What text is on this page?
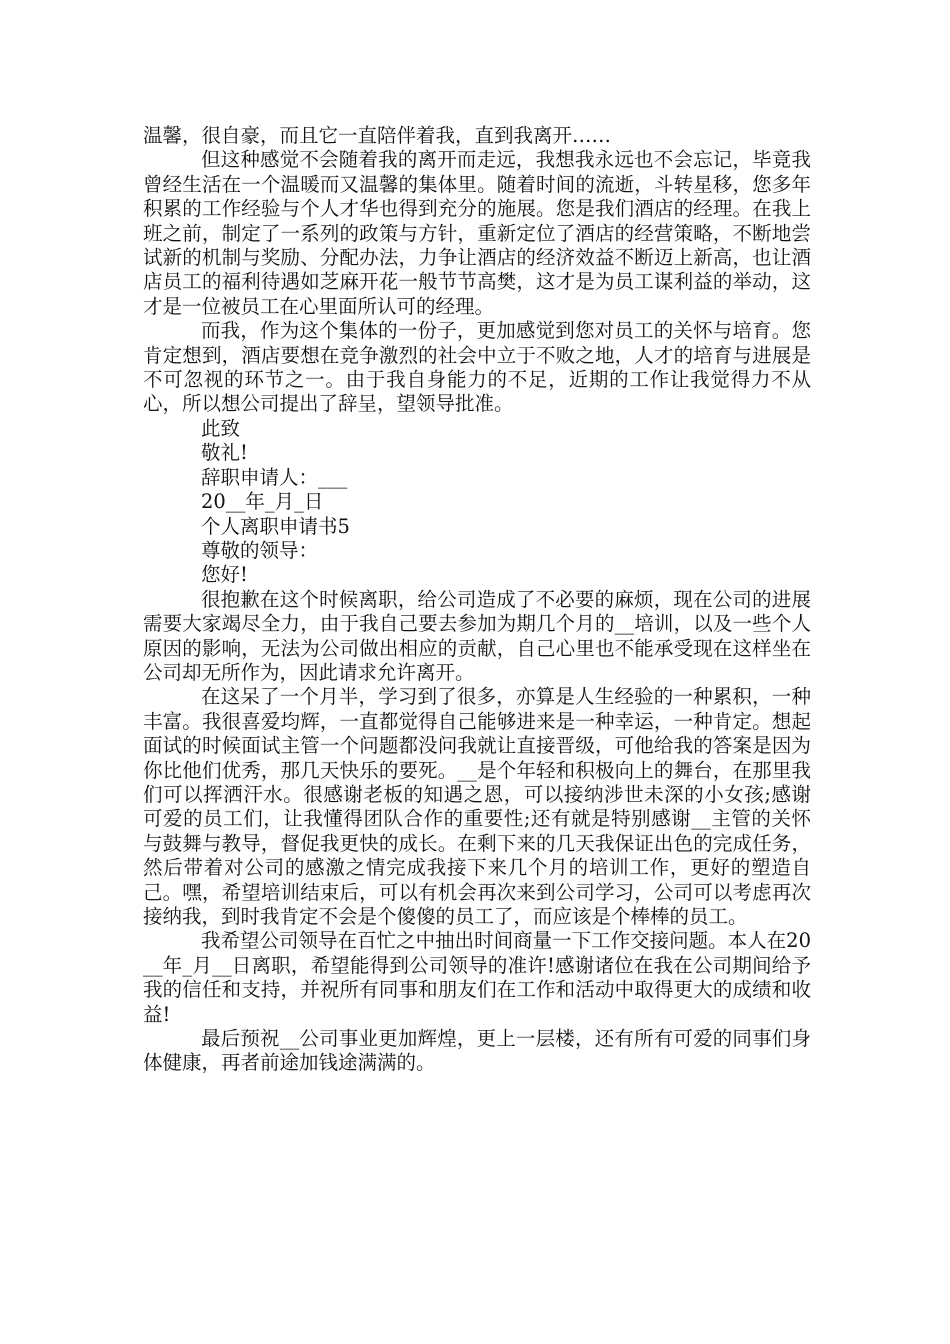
温馨，很自豪，而且它一直陪伴着我，直到我离开……

但这种感觉不会随着我的离开而走远，我想我永远也不会忘记，毕竟我曾经生活在一个温暖而又温馨的集体里。随着时间的流逝，斗转星移，您多年积累的工作经验与个人才华也得到充分的施展。您是我们酒店的经理。在我上班之前，制定了一系列的政策与方针，重新定位了酒店的经营策略，不断地尝试新的机制与奖励、分配办法，力争让酒店的经济效益不断迈上新高，也让酒店员工的福利待遇如芝麻开花一般节节高樊，这才是为员工谋利益的举动，这才是一位被员工在心里面所认可的经理。

而我，作为这个集体的一份子，更加感觉到您对员工的关怀与培育。您肯定想到，酒店要想在竞争激烈的社会中立于不败之地，人才的培育与进展是不可忽视的环节之一。由于我自身能力的不足，近期的工作让我觉得力不从心，所以想公司提出了辞呈，望领导批准。

此致

敬礼!

辞职申请人：___

20__年_月_日

个人离职申请书5

尊敬的领导：

您好!

很抱歉在这个时候离职，给公司造成了不必要的麻烦，现在公司的进展需要大家竭尽全力，由于我自己要去参加为期几个月的__培训，以及一些个人原因的影响，无法为公司做出相应的贡献，自己心里也不能承受现在这样坐在公司却无所作为，因此请求允许离开。

在这呆了一个月半，学习到了很多，亦算是人生经验的一种累积，一种丰富。我很喜爱均辉，一直都觉得自己能够进来是一种幸运，一种肯定。想起面试的时候面试主管一个问题都没问我就让直接晋级，可他给我的答案是因为你比他们优秀，那几天快乐的要死。__是个年轻和积极向上的舞台，在那里我们可以挥洒汗水。很感谢老板的知遇之恩，可以接纳涉世未深的小女孩;感谢可爱的员工们，让我懂得团队合作的重要性;还有就是特别感谢__主管的关怀与鼓舞与教导，督促我更快的成长。在剩下来的几天我保证出色的完成任务，然后带着对公司的感激之情完成我接下来几个月的培训工作，更好的塑造自己。嘿，希望培训结束后，可以有机会再次来到公司学习，公司可以考虑再次接纳我，到时我肯定不会是个傻傻的员工了，而应该是个棒棒的员工。

我希望公司领导在百忙之中抽出时间商量一下工作交接问题。本人在20__年_月__日离职，希望能得到公司领导的准许!感谢诸位在我在公司期间给予我的信任和支持，并祝所有同事和朋友们在工作和活动中取得更大的成绩和收益!

最后预祝__公司事业更加辉煌，更上一层楼，还有所有可爱的同事们身体健康，再者前途加钱途满满的。
